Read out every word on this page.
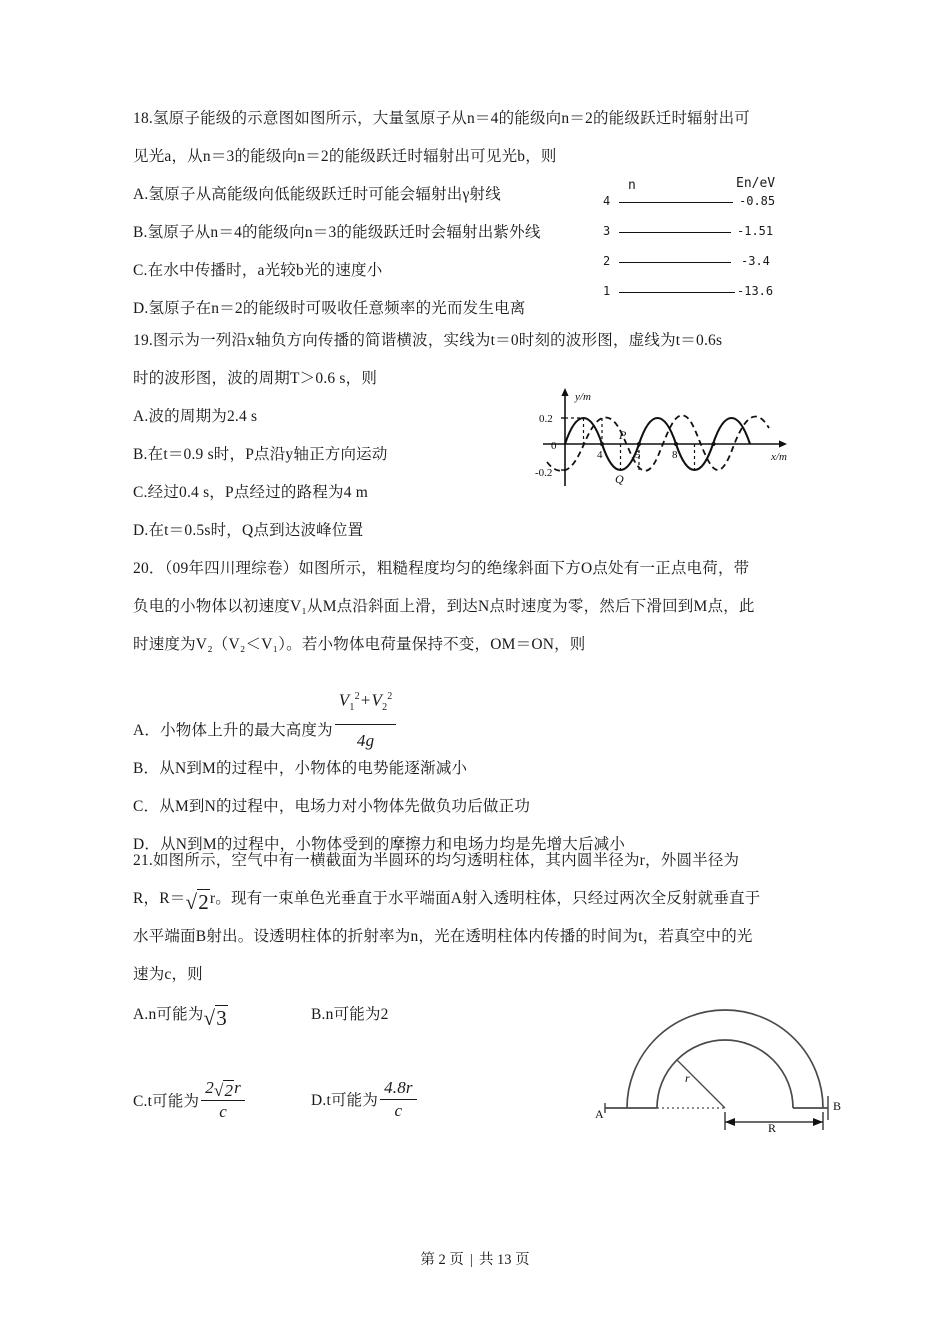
18.氢原子能级的示意图如图所示，大量氢原子从n＝4的能级向n＝2的能级跃迁时辐射出可
见光a，从n＝3的能级向n＝2的能级跃迁时辐射出可见光b，则
A.氢原子从高能级向低能级跃迁时可能会辐射出γ射线
B.氢原子从n＝4的能级向n＝3的能级跃迁时会辐射出紫外线
C.在水中传播时，a光较b光的速度小
D.氢原子在n＝2的能级时可吸收任意频率的光而发生电离
n	En/eV
4	-0.85
3	-1.51
2	-3.4
1	-13.6
19.图示为一列沿x轴负方向传播的简谐横波，实线为t＝0时刻的波形图，虚线为t＝0.6s
时的波形图，波的周期T＞0.6 s，则
A.波的周期为2.4 s
B.在t＝0.9 s时，P点沿y轴正方向运动
C.经过0.4 s，P点经过的路程为4 m
D.在t＝0.5s时，Q点到达波峰位置
y/m
x/m
0.2
0
-0.2
4	5	8
P
Q
20．（09年四川理综卷）如图所示，粗糙程度均匀的绝缘斜面下方O点处有一正点电荷，带
负电的小物体以初速度V₁从M点沿斜面上滑，到达N点时速度为零，然后下滑回到M点，此
时速度为V₂（V₂＜V₁）。若小物体电荷量保持不变，OM＝ON，则
A．小物体上升的最大高度为 $\frac{V_1^2+V_2^2}{4g}$
B．从N到M的过程中，小物体的电势能逐渐减小
C．从M到N的过程中，电场力对小物体先做负功后做正功
D．从N到M的过程中，小物体受到的摩擦力和电场力均是先增大后减小
21.如图所示，空气中有一横截面为半圆环的均匀透明柱体，其内圆半径为r，外圆半径为
R，R＝√2r。现有一束单色光垂直于水平端面A射入透明柱体，只经过两次全反射就垂直于
水平端面B射出。设透明柱体的折射率为n，光在透明柱体内传播的时间为t，若真空中的光
速为c，则
A.n可能为√3	B.n可能为2
C.t可能为 $\frac{2√2r}{c}$	D.t可能为 $\frac{4.8r}{c}$	A
B
r
R
第 2 页 | 共 13 页
